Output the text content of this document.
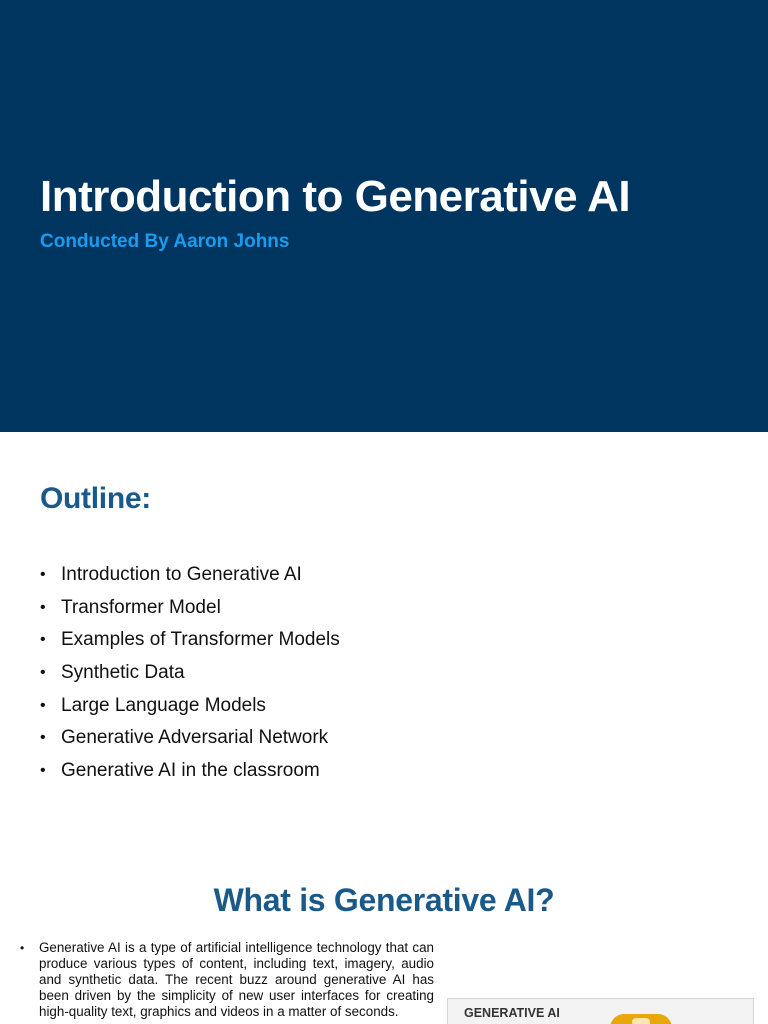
Introduction to Generative AI

Conducted By Aaron Johns

Outline:
• Introduction to Generative AI
• Transformer Model
• Examples of Transformer Models
• Synthetic Data
• Large Language Models
• Generative Adversarial Network
• Generative AI in the classroom
What is Generative AI?
•	Generative AI is a type of artificial intelligence technology that can produce various types of content, including text, imagery, audio and synthetic data. The recent buzz around generative AI has been driven by the simplicity of new user interfaces for creating high-quality text, graphics and videos in a matter of seconds.	GENERATIVE AI
